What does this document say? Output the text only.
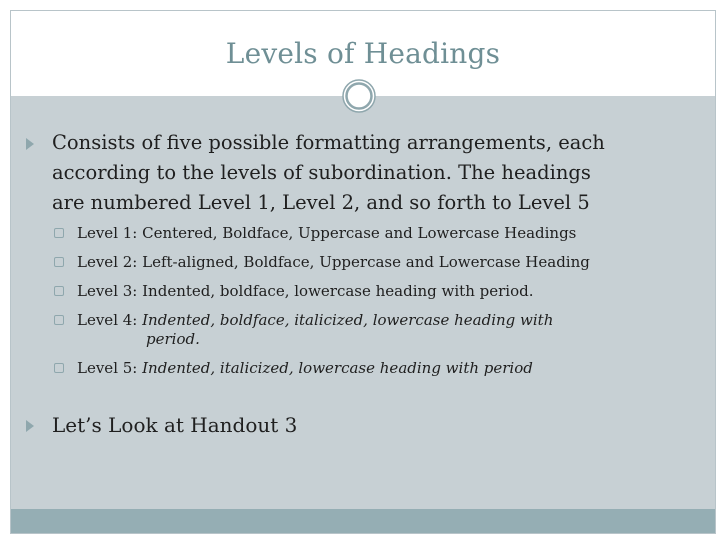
Levels of Headings
Consists of five possible formatting arrangements, each
according to the levels of subordination. The headings
are numbered Level 1, Level 2, and so forth to Level 5
Level 1: Centered, Boldface, Uppercase and Lowercase Headings
Level 2: Left-aligned, Boldface, Uppercase and Lowercase Heading
Level 3: Indented, boldface, lowercase heading with period.
Level 4: Indented, boldface, italicized, lowercase heading with
period.
Level 5: Indented, italicized, lowercase heading with period
Let’s Look at Handout 3
